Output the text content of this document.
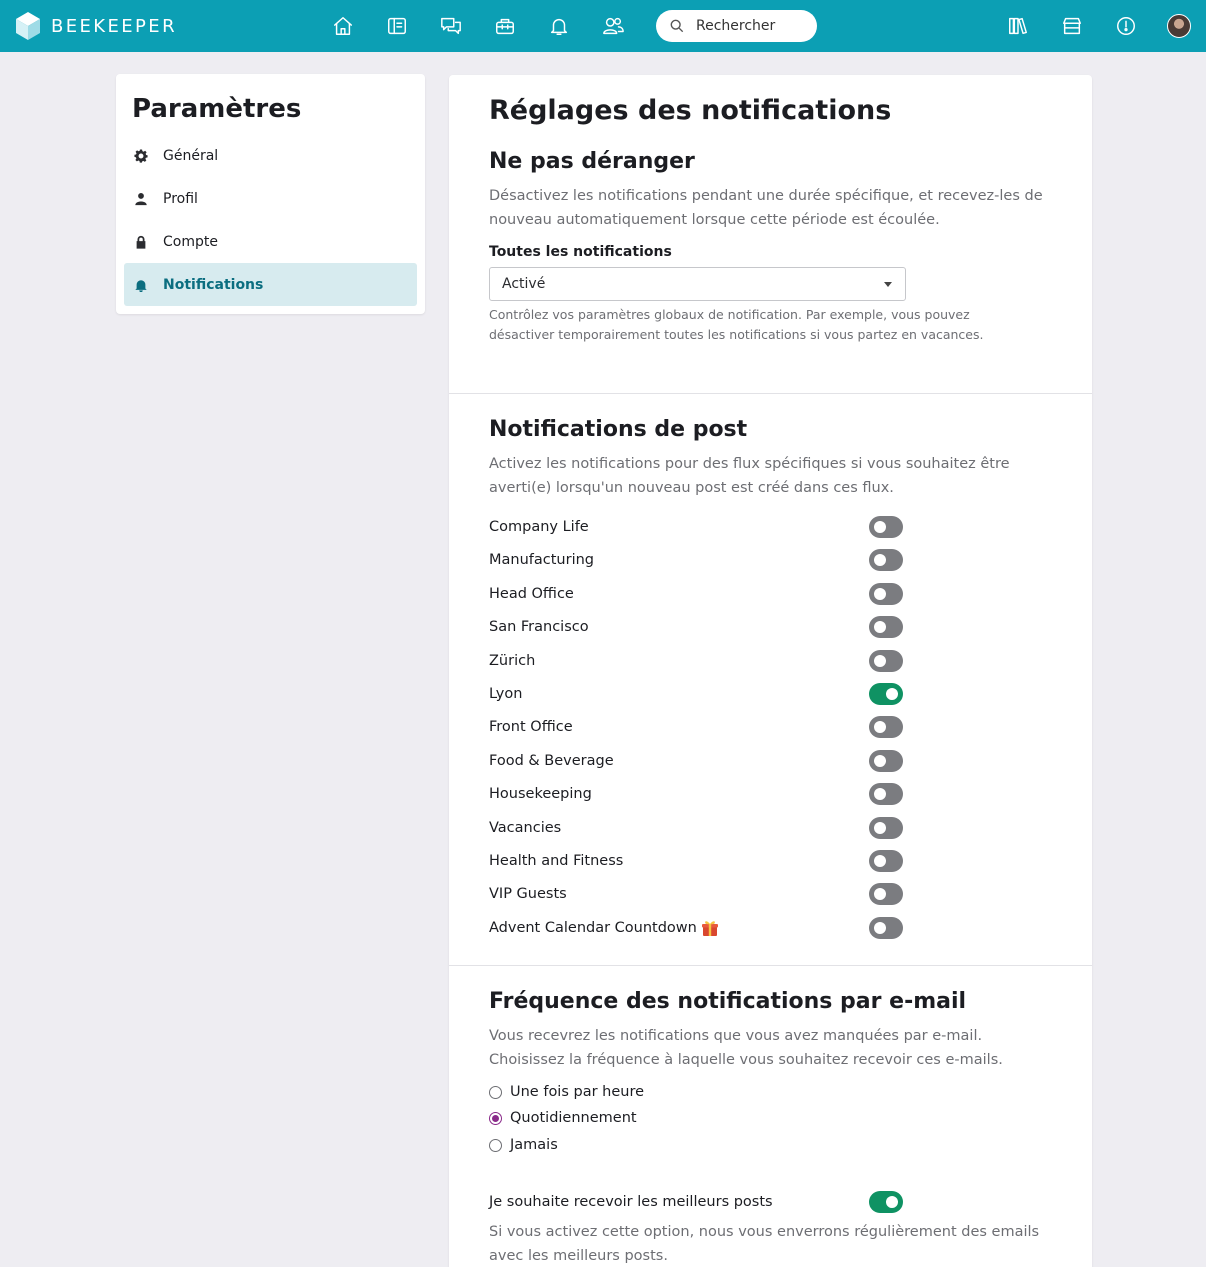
BEEKEEPER
Rechercher
Paramètres
Général
Profil
Compte
Notifications
Réglages des notifications
Ne pas déranger
Désactivez les notifications pendant une durée spécifique, et recevez-les de nouveau automatiquement lorsque cette période est écoulée.
Toutes les notifications
Activé
Contrôlez vos paramètres globaux de notification. Par exemple, vous pouvez désactiver temporairement toutes les notifications si vous partez en vacances.
Notifications de post
Activez les notifications pour des flux spécifiques si vous souhaitez être averti(e) lorsqu'un nouveau post est créé dans ces flux.
Company Life
Manufacturing
Head Office
San Francisco
Zürich
Lyon
Front Office
Food & Beverage
Housekeeping
Vacancies
Health and Fitness
VIP Guests
Advent Calendar Countdown
Fréquence des notifications par e-mail
Vous recevrez les notifications que vous avez manquées par e-mail. Choisissez la fréquence à laquelle vous souhaitez recevoir ces e-mails.
Une fois par heure
Quotidiennement
Jamais
Je souhaite recevoir les meilleurs posts
Si vous activez cette option, nous vous enverrons régulièrement des emails avec les meilleurs posts.
